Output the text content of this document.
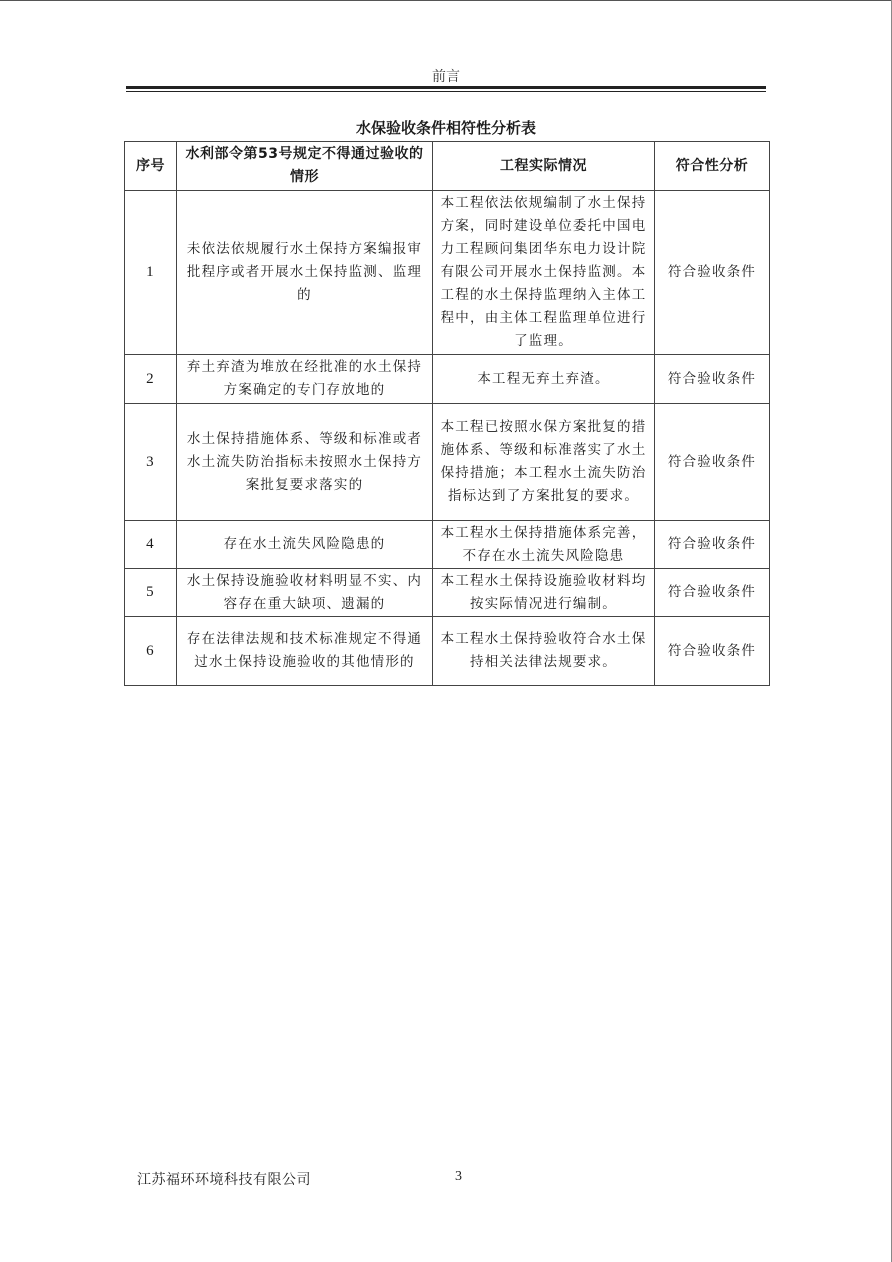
前言
水保验收条件相符性分析表
序号	水利部令第53号规定不得通过验收的情形	工程实际情况	符合性分析
1	未依法依规履行水土保持方案编报审批程序或者开展水土保持监测、监理的	本工程依法依规编制了水土保持方案，同时建设单位委托中国电力工程顾问集团华东电力设计院有限公司开展水土保持监测。本工程的水土保持监理纳入主体工程中，由主体工程监理单位进行了监理。	符合验收条件
2	弃土弃渣为堆放在经批准的水土保持方案确定的专门存放地的	本工程无弃土弃渣。	符合验收条件
3	水土保持措施体系、等级和标准或者水土流失防治指标未按照水土保持方案批复要求落实的	本工程已按照水保方案批复的措施体系、等级和标准落实了水土保持措施；本工程水土流失防治指标达到了方案批复的要求。	符合验收条件
4	存在水土流失风险隐患的	本工程水土保持措施体系完善，不存在水土流失风险隐患	符合验收条件
5	水土保持设施验收材料明显不实、内容存在重大缺项、遗漏的	本工程水土保持设施验收材料均按实际情况进行编制。	符合验收条件
6	存在法律法规和技术标准规定不得通过水土保持设施验收的其他情形的	本工程水土保持验收符合水土保持相关法律法规要求。	符合验收条件
江苏福环环境科技有限公司	3
